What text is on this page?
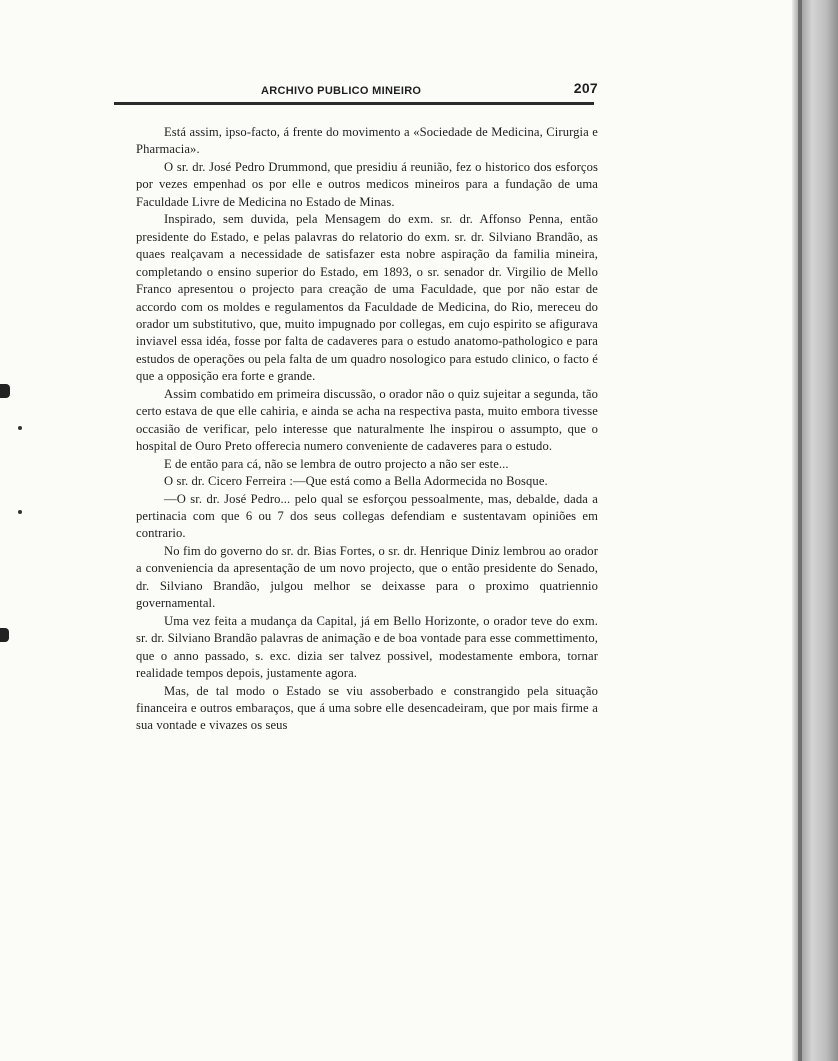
ARCHIVO PUBLICO MINEIRO	207

Está assim, ipso-facto, á frente do movimento a «Sociedade de Medicina, Cirurgia e Pharmacia».

O sr. dr. José Pedro Drummond, que presidiu á reunião, fez o historico dos esforços por vezes empenhad os por elle e outros medicos mineiros para a fundação de uma Faculdade Livre de Medicina no Estado de Minas.

Inspirado, sem duvida, pela Mensagem do exm. sr. dr. Affonso Penna, então presidente do Estado, e pelas palavras do relatorio do exm. sr. dr. Silviano Brandão, as quaes realçavam a necessidade de satisfazer esta nobre aspiração da familia mineira, completando o ensino superior do Estado, em 1893, o sr. senador dr. Virgilio de Mello Franco apresentou o projecto para creação de uma Faculdade, que por não estar de accordo com os moldes e regulamentos da Faculdade de Medicina, do Rio, mereceu do orador um substitutivo, que, muito impugnado por collegas, em cujo espirito se afigurava inviavel essa idéa, fosse por falta de cadaveres para o estudo anatomo-pathologico e para estudos de operações ou pela falta de um quadro nosologico para estudo clinico, o facto é que a opposição era forte e grande.

Assim combatido em primeira discussão, o orador não o quiz sujeitar a segunda, tão certo estava de que elle cahiria, e ainda se acha na respectiva pasta, muito embora tivesse occasião de verificar, pelo interesse que naturalmente lhe inspirou o assumpto, que o hospital de Ouro Preto offerecia numero conveniente de cadaveres para o estudo.

E de então para cá, não se lembra de outro projecto a não ser este...

O sr. dr. Cicero Ferreira :—Que está como a Bella Adormecida no Bosque.

—O sr. dr. José Pedro... pelo qual se esforçou pessoalmente, mas, debalde, dada a pertinacia com que 6 ou 7 dos seus collegas defendiam e sustentavam opiniões em contrario.

No fim do governo do sr. dr. Bias Fortes, o sr. dr. Henrique Diniz lembrou ao orador a conveniencia da apresentação de um novo projecto, que o então presidente do Senado, dr. Silviano Brandão, julgou melhor se deixasse para o proximo quatriennio governamental.

Uma vez feita a mudança da Capital, já em Bello Horizonte, o orador teve do exm. sr. dr. Silviano Brandão palavras de animação e de boa vontade para esse commettimento, que o anno passado, s. exc. dizia ser talvez possivel, modestamente embora, tornar realidade tempos depois, justamente agora.

Mas, de tal modo o Estado se viu assoberbado e constrangido pela situação financeira e outros embaraços, que á uma sobre elle desencadeiram, que por mais firme a sua vontade e vivazes os seus
